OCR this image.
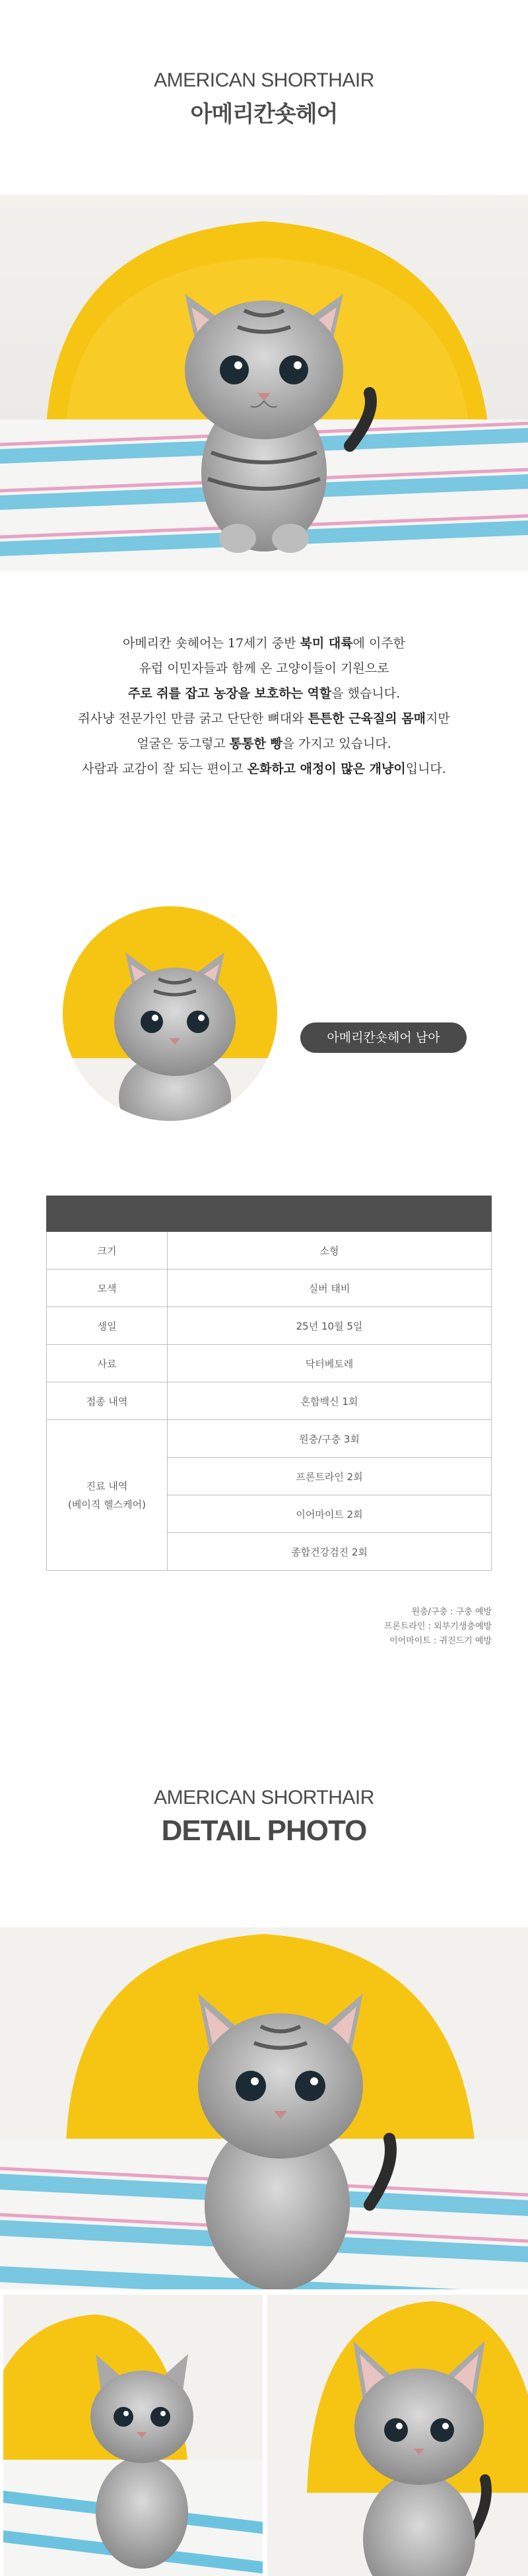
AMERICAN SHORTHAIR
아메리칸숏헤어
아메리칸 숏헤어는 17세기 중반 북미 대륙에 이주한
유럽 이민자들과 함께 온 고양이들이 기원으로
주로 쥐를 잡고 농장을 보호하는 역할을 했습니다.
쥐사냥 전문가인 만큼 굵고 단단한 뼈대와 튼튼한 근육질의 몸매지만
얼굴은 둥그렇고 통통한 빵을 가지고 있습니다.
사람과 교감이 잘 되는 편이고 온화하고 애정이 많은 개냥이입니다.
아메리칸숏헤어 남아

크기	소형
모색	실버 태비
생일	25년 10월 5일
사료	닥터베토레
접종 내역	혼합백신 1회

진료 내역
(베이직 헬스케어)	원충/구충 3회
	프론트라인 2회
	이어마이트 2회
	종합건강검진 2회
원충/구충 : 구충 예방
프론트라인 : 외부기생충예방
이어마이트 : 귀진드기 예방
AMERICAN SHORTHAIR
DETAIL PHOTO
